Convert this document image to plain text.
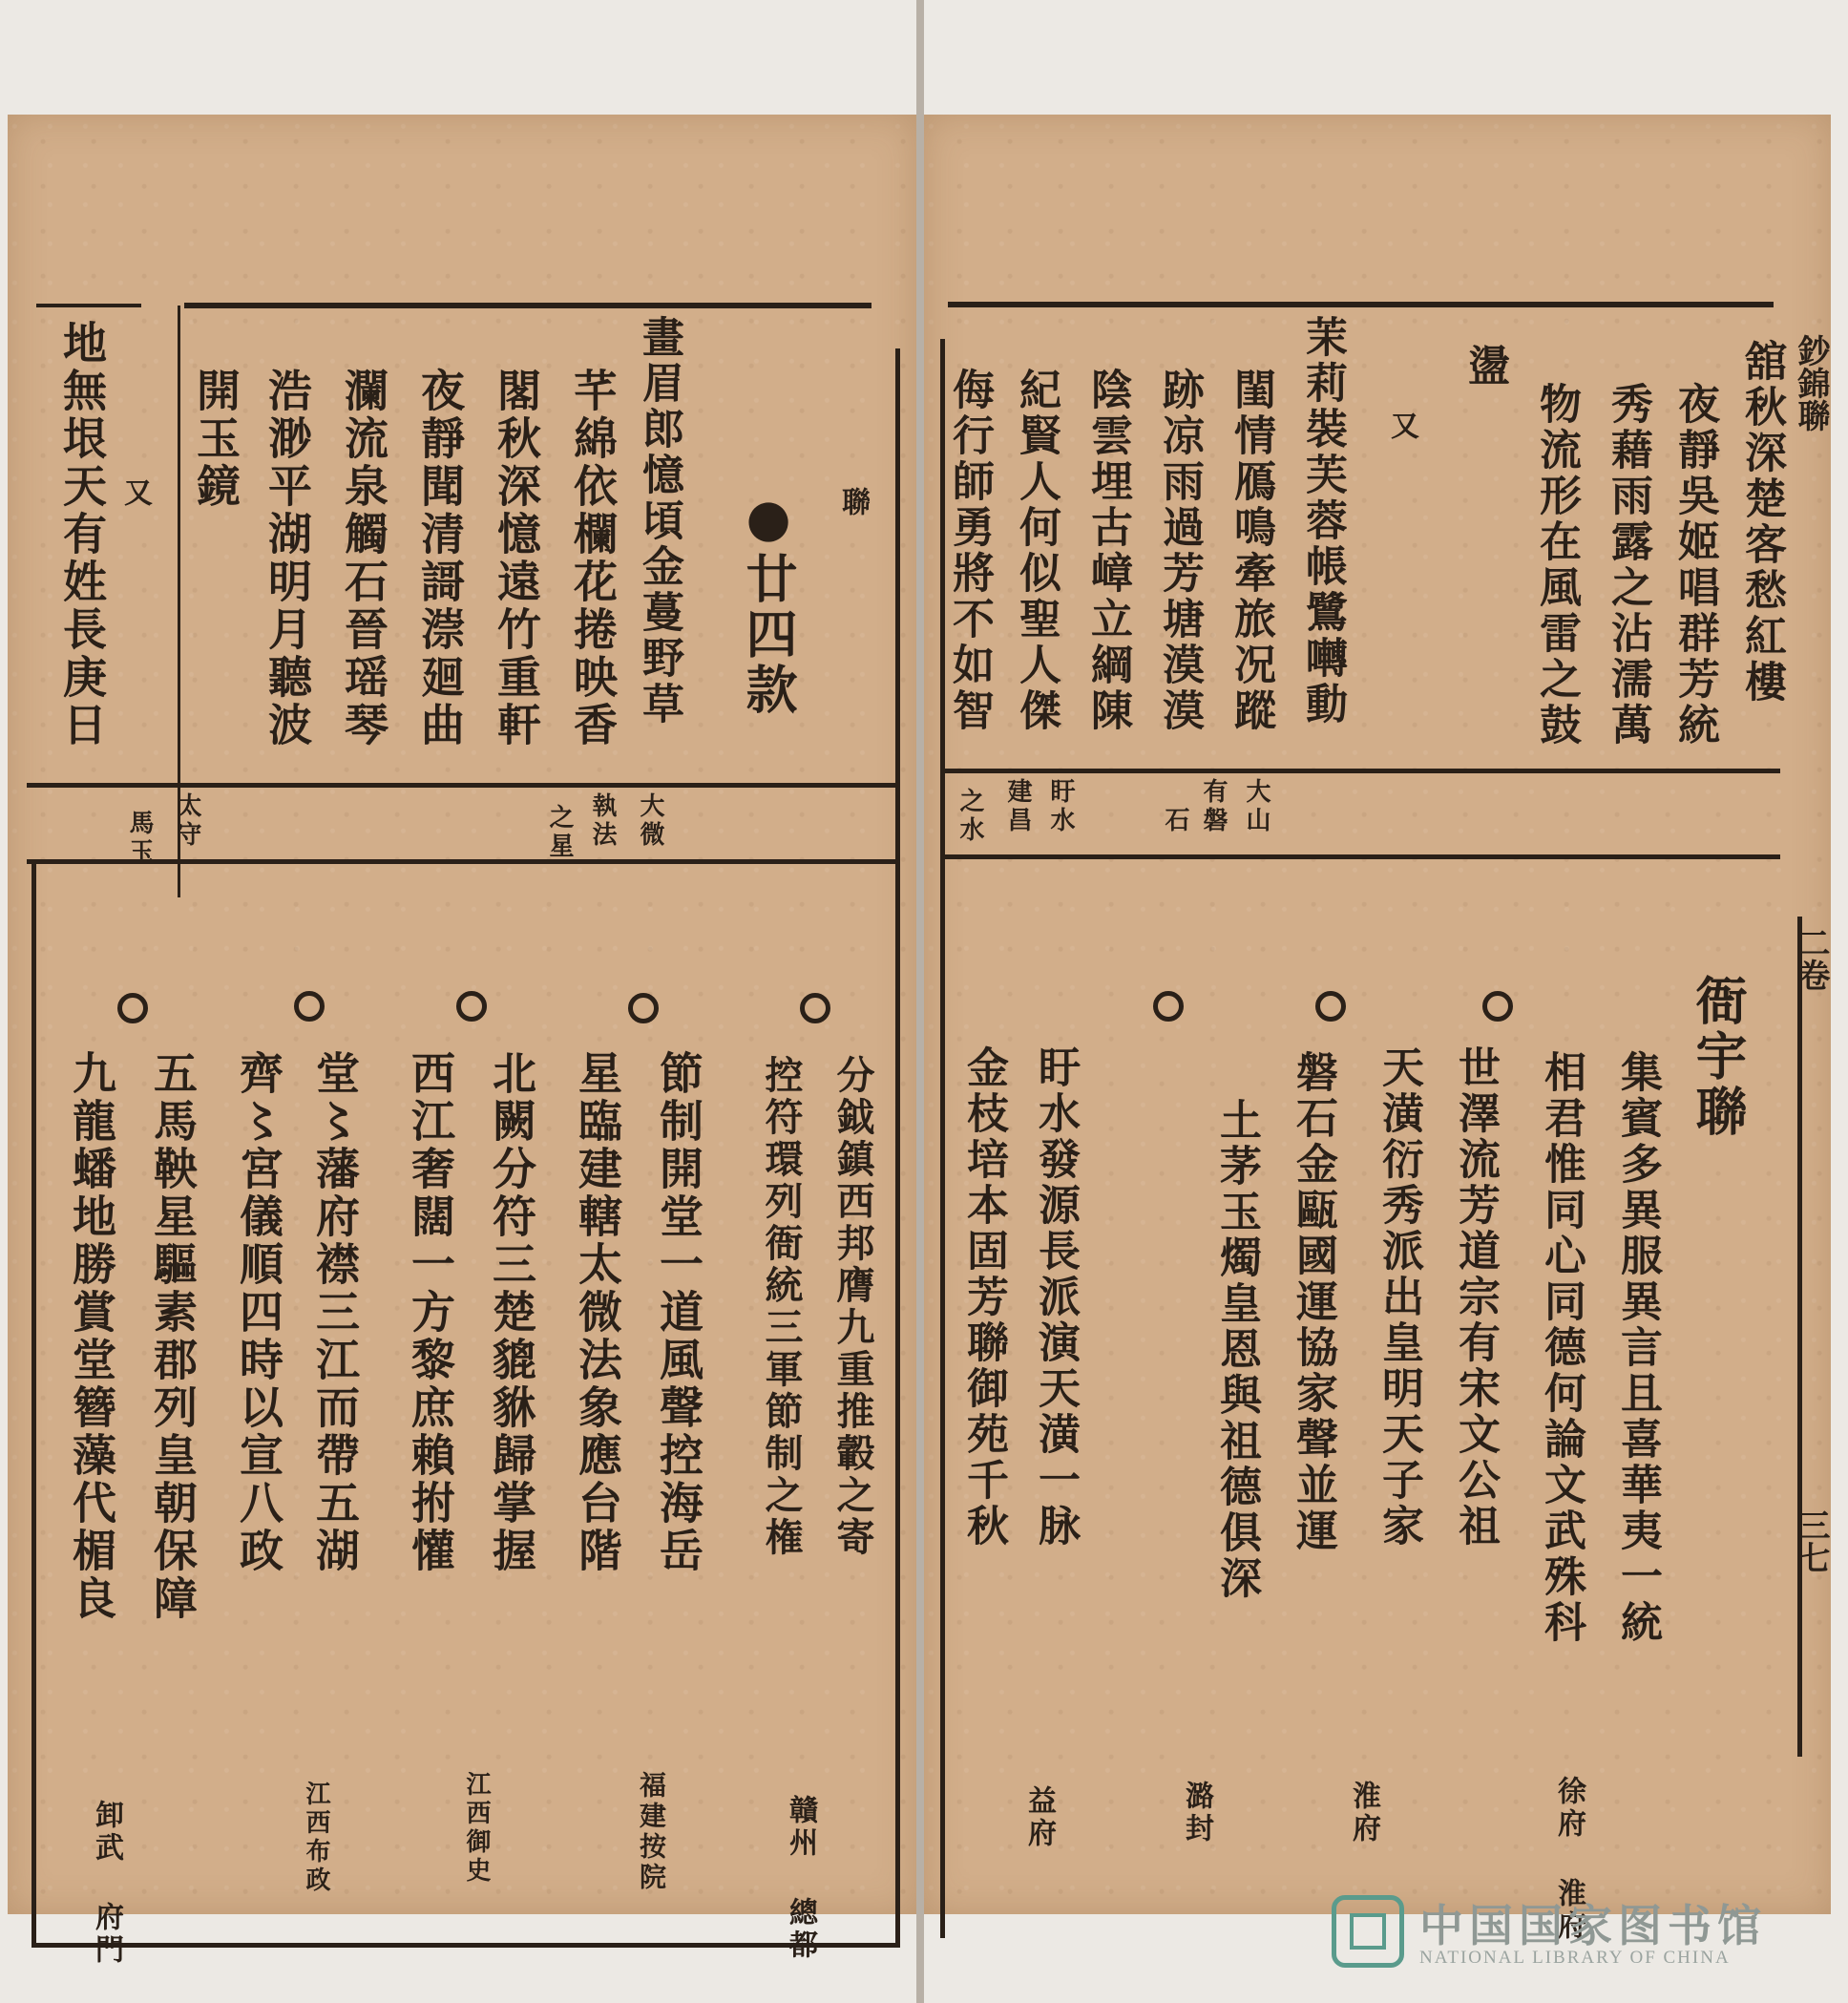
地無垠天有姓長庚日 又 開玉鏡 浩渺平湖明月聽波 瀾流泉觸石晉瑶琴 夜靜聞清謌漴廻曲 閣秋深憶遠竹重軒 芊綿依欄花捲映香 畫眉郎憶頃金蔓野草 ●廿四款 聯
太守
馬玉	之星 執法 大微
九龍蟠地勝賞堂簪藻代楣良 五馬鞅星驅素郡列皇朝保障 齊〻宮儀順四時以宣八政 堂〻藩府襟三江而帶五湖 西江奢闊一方黎庶賴拊懽 北闕分符三楚貔貅歸掌握 星臨建轄太微法象應台階 節制開堂一道風聲控海岳 控符環列衙統三軍節制之権 分鉞鎮西邦膺九重推轂之寄
卸武 府門	江西布政	江西御史	福建按院	贛州 總都
舘秋深楚客愁紅樓
夜靜吳姬唱群芳統
秀藉雨露之沾濡萬
物流形在風雷之鼓
盪
又
茉莉裝芙蓉帳鷺囀動
閨情鴈鳴牽旅况蹤
跡凉雨過芳塘漠漠
陰雲埋古嶂立綱陳
紀賢人何似聖人傑
侮行師勇將不如智
大山
有磐
石
盱水
建昌
之水
衙宇聯
集賓多異服異言且喜華夷一統
相君惟同心同德何論文武殊科
世澤流芳道宗有宋文公祖
天潢衍秀派出皇明天子家
磐石金甌國運協家聲並運
土茅玉燭皇恩與祖德俱深
盱水發源長派演天潢一脉
金枝培本固芳聯御苑千秋
徐府 淮府
淮府
潞封
益府
鈔錦聯
二卷
三七
中国国家图书馆
NATIONAL LIBRARY OF CHINA
